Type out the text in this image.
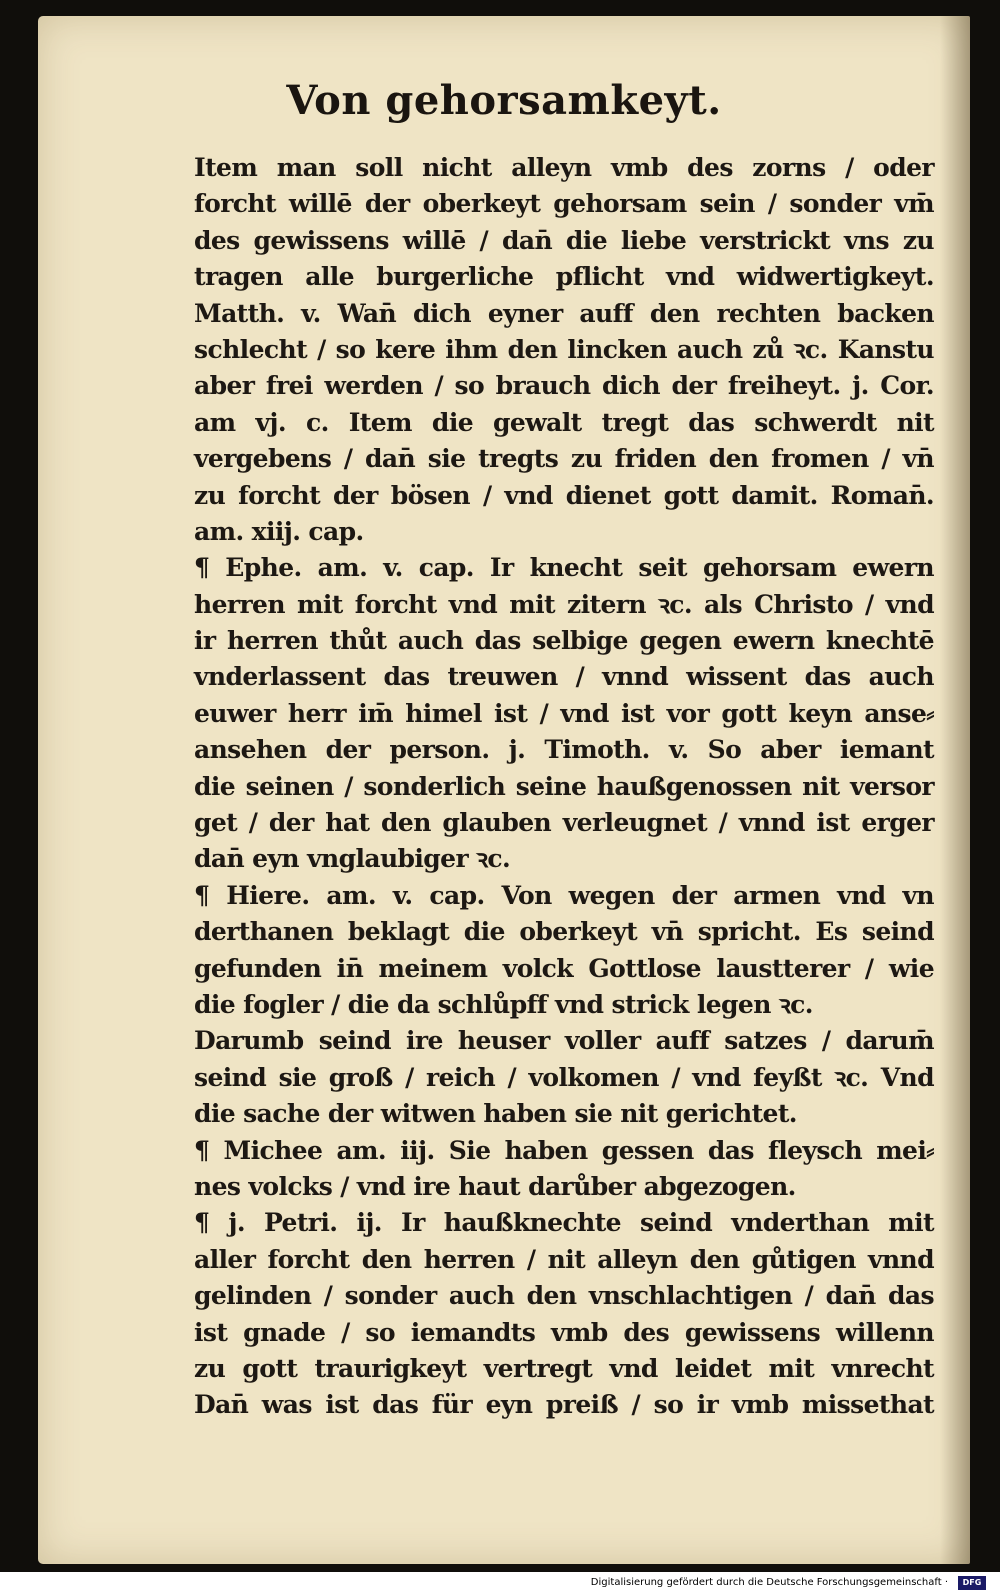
Von gehorsamkeyt.
Item man soll nicht alleyn vmb des zorns / oder
forcht willē der oberkeyt gehorsam sein / sonder vm̄
des gewissens willē / dan̄ die liebe verstrickt vns zu
tragen alle burgerliche pflicht vnd widwertigkeyt.
Matth. v. Wan̄ dich eyner auff den rechten backen
schlecht / so kere ihm den lincken auch zů ꝛc. Kanstu
aber frei werden / so brauch dich der freiheyt. j. Cor.
am vj. c. Item die gewalt tregt das schwerdt nit
vergebens / dan̄ sie tregts zu friden den fromen / vn̄
zu forcht der bösen / vnd dienet gott damit. Roman̄.
am. xiij. cap.
¶ Ephe. am. v. cap. Ir knecht seit gehorsam ewern
herren mit forcht vnd mit zitern ꝛc. als Christo / vnd
ir herren thůt auch das selbige gegen ewern knechtē
vnderlassent das treuwen / vnnd wissent das auch
euwer herr im̄ himel ist / vnd ist vor gott keyn anse⸗
ansehen der person. j. Timoth. v. So aber iemant
die seinen / sonderlich seine haußgenossen nit versor
get / der hat den glauben verleugnet / vnnd ist erger
dan̄ eyn vnglaubiger ꝛc.
¶ Hiere. am. v. cap. Von wegen der armen vnd vn
derthanen beklagt die oberkeyt vn̄ spricht. Es seind
gefunden in̄ meinem volck Gottlose laustterer / wie
die fogler / die da schlůpff vnd strick legen ꝛc.
Darumb seind ire heuser voller auff satzes / darum̄
seind sie groß / reich / volkomen / vnd feyßt ꝛc. Vnd
die sache der witwen haben sie nit gerichtet.
¶ Michee am. iij. Sie haben gessen das fleysch mei⸗
nes volcks / vnd ire haut darůber abgezogen.
¶ j. Petri. ij. Ir haußknechte seind vnderthan mit
aller forcht den herren / nit alleyn den gůtigen vnnd
gelinden / sonder auch den vnschlachtigen / dan̄ das
ist gnade / so iemandts vmb des gewissens willenn
zu gott traurigkeyt vertregt vnd leidet mit vnrecht
Dan̄ was ist das für eyn preiß / so ir vmb missethat
Digitalisierung gefördert durch die Deutsche Forschungsgemeinschaft ·	DFG
